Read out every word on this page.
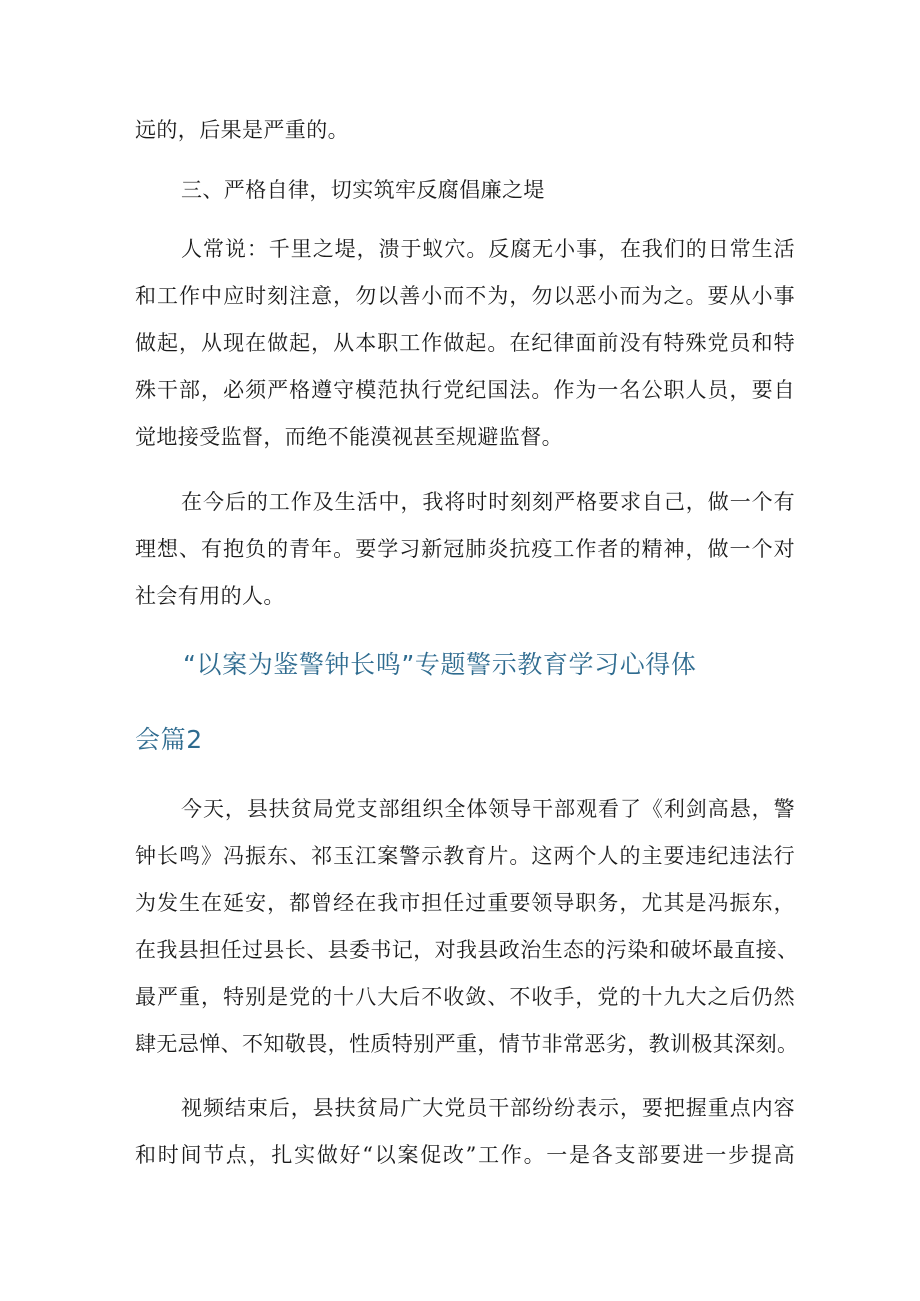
远的，后果是严重的。
三、严格自律，切实筑牢反腐倡廉之堤
人常说：千里之堤，溃于蚁穴。反腐无小事，在我们的日常生活
和工作中应时刻注意，勿以善小而不为，勿以恶小而为之。要从小事
做起，从现在做起，从本职工作做起。在纪律面前没有特殊党员和特
殊干部，必须严格遵守模范执行党纪国法。作为一名公职人员，要自
觉地接受监督，而绝不能漠视甚至规避监督。
在今后的工作及生活中，我将时时刻刻严格要求自己，做一个有
理想、有抱负的青年。要学习新冠肺炎抗疫工作者的精神，做一个对
社会有用的人。
“以案为鉴警钟长鸣”专题警示教育学习心得体
会篇2
今天，县扶贫局党支部组织全体领导干部观看了《利剑高悬，警
钟长鸣》冯振东、祁玉江案警示教育片。这两个人的主要违纪违法行
为发生在延安，都曾经在我市担任过重要领导职务，尤其是冯振东，
在我县担任过县长、县委书记，对我县政治生态的污染和破坏最直接、
最严重，特别是党的十八大后不收敛、不收手，党的十九大之后仍然
肆无忌惮、不知敬畏，性质特别严重，情节非常恶劣，教训极其深刻。
视频结束后，县扶贫局广大党员干部纷纷表示，要把握重点内容
和时间节点，扎实做好“以案促改”工作。一是各支部要进一步提高
